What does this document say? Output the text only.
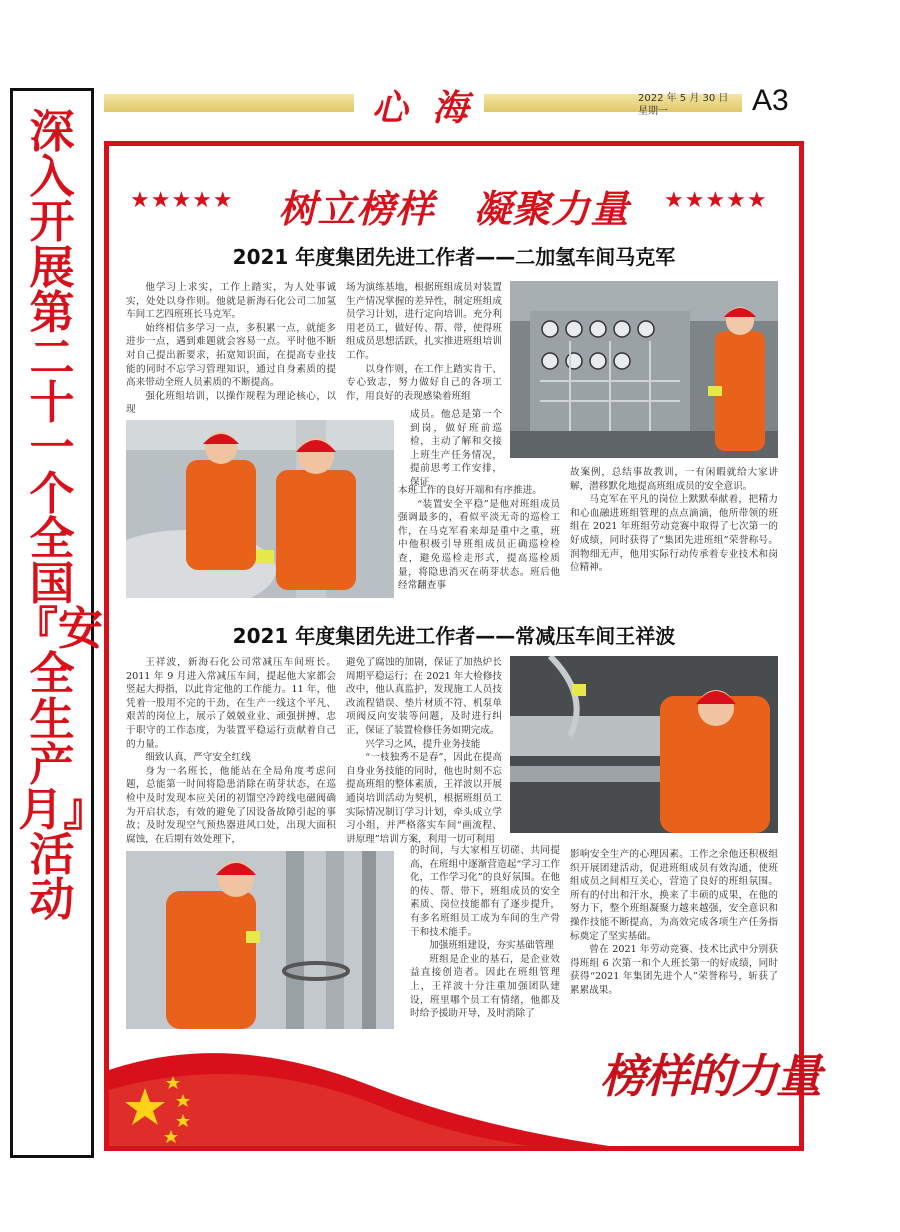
深入开展第二十一个全国『安全生产月』活动
心 海	2022 年 5 月 30 日
星期一	A3
★★★★★	树立榜样　凝聚力量	★★★★★
2021 年度集团先进工作者——二加氢车间马克军

他学习上求实，工作上踏实，为人处事诚实，处处以身作则。他就是新海石化公司二加氢车间工艺四班班长马克军。

始终相信多学习一点，多积累一点，就能多进步一点，遇到难题就会容易一点。平时他不断对自己提出新要求，拓宽知识面，在提高专业技能的同时不忘学习管理知识，通过自身素质的提高来带动全班人员素质的不断提高。

强化班组培训，以操作规程为理论核心，以现

场为演练基地，根据班组成员对装置生产情况掌握的差异性，制定班组成员学习计划，进行定向培训。充分利用老员工，做好传、帮、带，使得班组成员思想活跃，扎实推进班组培训工作。

以身作则，在工作上踏实肯干、专心致志，努力做好自己的各项工作，用良好的表现感染着班组

成员。他总是第一个到岗，做好班前巡检，主动了解和交接上班生产任务情况，提前思考工作安排，保证

本班工作的良好开端和有序推进。

“装置安全平稳”是他对班组成员强调最多的，看似平淡无奇的巡检工作，在马克军看来却是重中之重，班中他积极引导班组成员正确巡检检查，避免巡检走形式，提高巡检质量，将隐患消灭在萌芽状态。班后他经常翻查事

故案例，总结事故教训，一有闲暇就给大家讲解，潜移默化地提高班组成员的安全意识。

马克军在平凡的岗位上默默奉献着，把精力和心血融进班组管理的点点滴滴，他所带领的班组在 2021 年班组劳动竞赛中取得了七次第一的好成绩，同时获得了“集团先进班组”荣誉称号。润物细无声，他用实际行动传承着专业技术和岗位精神。

2021 年度集团先进工作者——常减压车间王祥波

王祥波，新海石化公司常减压车间班长。2011 年 9 月进入常减压车间，提起他大家都会竖起大拇指，以此肯定他的工作能力。11 年，他凭着一股用不完的干劲，在生产一线这个平凡、艰苦的岗位上，展示了兢兢业业、顽强拼搏、忠于职守的工作态度，为装置平稳运行贡献着自己的力量。

细致认真，严守安全红线

身为一名班长，他能站在全局角度考虑问题，总能第一时间将隐患消除在萌芽状态，在巡检中及时发现本应关闭的初馏空冷跨线电磁阀确为开启状态，有效的避免了因设备故障引起的事故；及时发现空气预热器进风口处，出现大面积腐蚀，在后期有效处理下，

避免了腐蚀的加剧，保证了加热炉长周期平稳运行；在 2021 年大检修技改中，他认真监护，发现施工人员技改流程错误、垫片材质不符、机泵单项阀反向安装等问题，及时进行纠正，保证了装置检修任务如期完成。

兴学习之风，提升业务技能

“一枝独秀不是春”，因此在提高自身业务技能的同时，他也时刻不忘提高班组的整体素质，王祥波以开展通岗培训活动为契机，根据班组员工实际情况制订学习计划，牵头成立学习小组，并严格落实车间“画流程、讲原理”培训方案，利用一切可利用

的时间，与大家相互切磋、共同提高，在班组中逐渐营造起“学习工作化，工作学习化”的良好氛围。在他的传、帮、带下，班组成员的安全素质、岗位技能都有了逐步提升，有多名班组员工成为车间的生产骨干和技术能手。

加强班组建设，夯实基础管理

班组是企业的基石，是企业效益直接创造者。因此在班组管理上，王祥波十分注重加强团队建设，班里哪个员工有情绪，他都及时给予援助开导，及时消除了

影响安全生产的心理因素。工作之余他还积极组织开展团建活动，促进班组成员有效沟通，使班组成员之间相互关心，营造了良好的班组氛围。所有的付出和汗水，换来了丰硕的成果，在他的努力下，整个班组凝聚力越来越强，安全意识和操作技能不断提高，为高效完成各项生产任务指标奠定了坚实基础。

曾在 2021 年劳动竞赛、技术比武中分别获得班组 6 次第一和个人班长第一的好成绩，同时获得“2021 年集团先进个人”荣誉称号，斩获了累累战果。

榜样的力量
